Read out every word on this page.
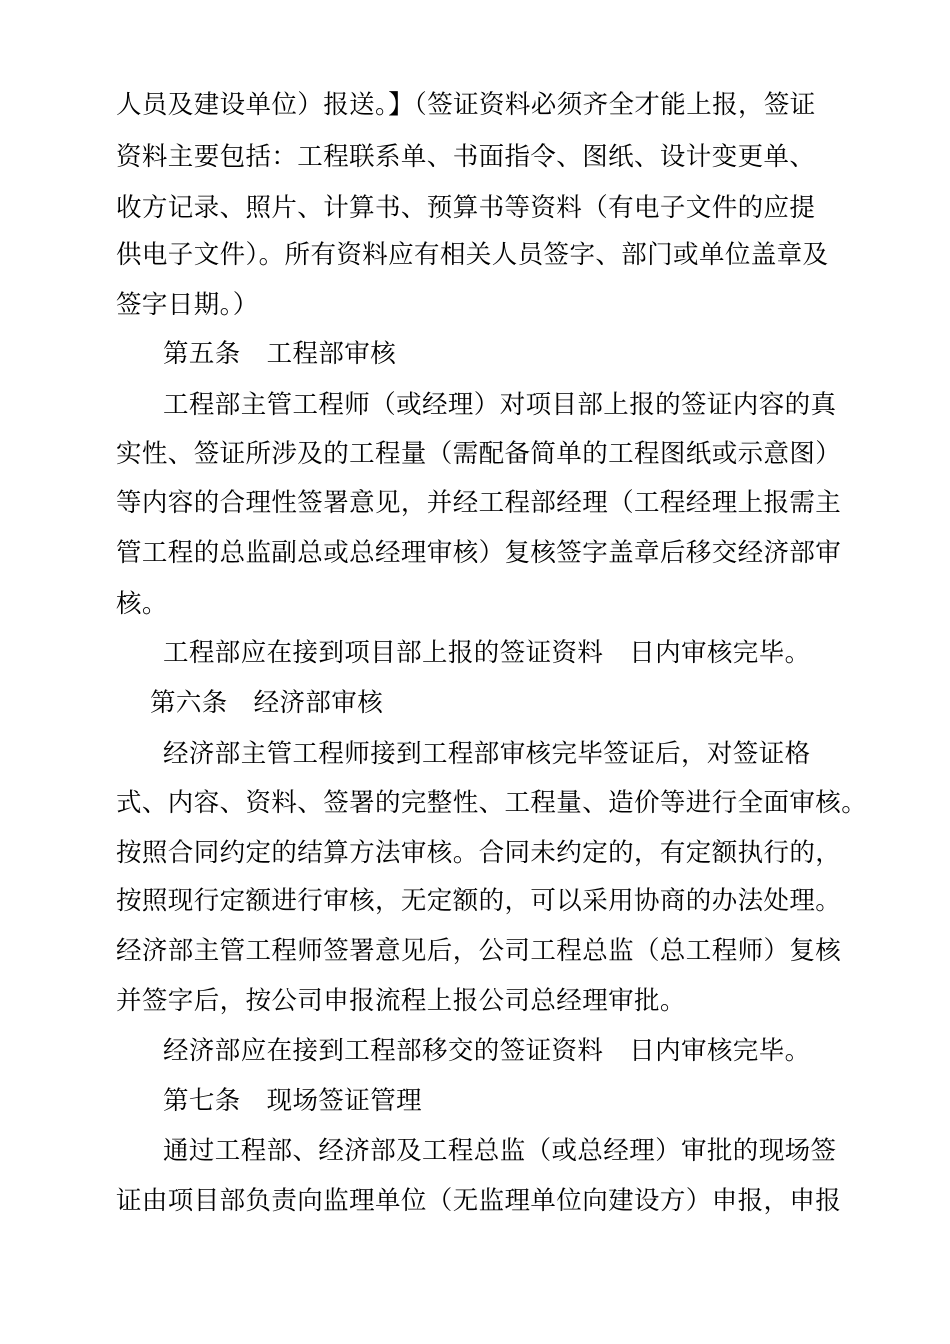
人员及建设单位）报送。】（签证资料必须齐全才能上报，签证
资料主要包括：工程联系单、书面指令、图纸、设计变更单、
收方记录、照片、计算书、预算书等资料（有电子文件的应提
供电子文件）。所有资料应有相关人员签字、部门或单位盖章及
签字日期。）
第五条　工程部审核
工程部主管工程师（或经理）对项目部上报的签证内容的真
实性、签证所涉及的工程量（需配备简单的工程图纸或示意图）
等内容的合理性签署意见，并经工程部经理（工程经理上报需主
管工程的总监副总或总经理审核）复核签字盖章后移交经济部审
核。
工程部应在接到项目部上报的签证资料　日内审核完毕。
第六条　经济部审核
经济部主管工程师接到工程部审核完毕签证后，对签证格
式、内容、资料、签署的完整性、工程量、造价等进行全面审核。
按照合同约定的结算方法审核。合同未约定的，有定额执行的，
按照现行定额进行审核，无定额的，可以采用协商的办法处理。
经济部主管工程师签署意见后，公司工程总监（总工程师）复核
并签字后，按公司申报流程上报公司总经理审批。
经济部应在接到工程部移交的签证资料　日内审核完毕。
第七条　现场签证管理
通过工程部、经济部及工程总监（或总经理）审批的现场签
证由项目部负责向监理单位（无监理单位向建设方）申报，申报
